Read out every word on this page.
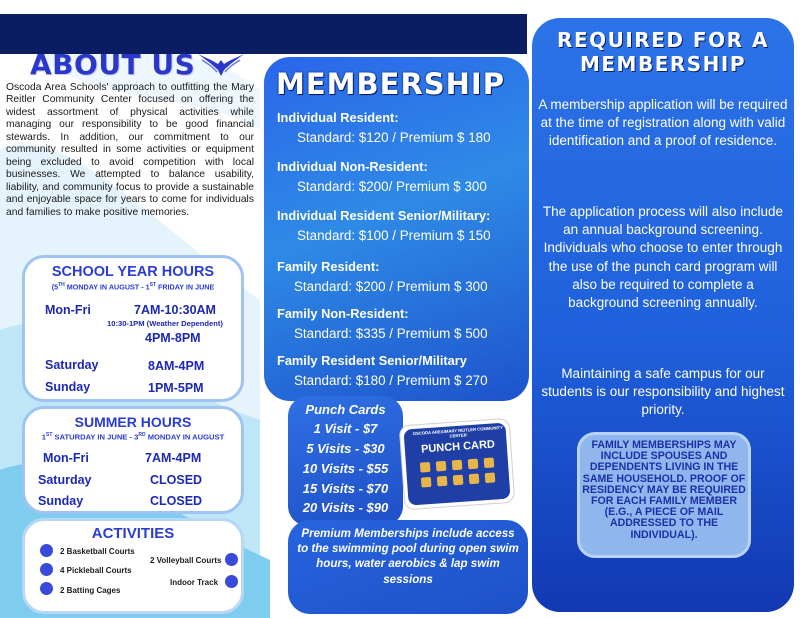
ABOUT US
Oscoda Area Schools' approach to outfitting the Mary Reitler Community Center focused on offering the widest assortment of physical activities while managing our responsibility to be good financial stewards. In addition, our commitment to our community resulted in some activities or equipment being excluded to avoid competition with local businesses. We attempted to balance usability, liability, and community focus to provide a sustainable and enjoyable space for years to come for individuals and families to make positive memories.
SCHOOL YEAR HOURS
(5TH MONDAY IN AUGUST - 1ST FRIDAY IN JUNE
Mon-Fri	7AM-10:30AM
10:30-1PM (Weather Dependent)
4PM-8PM
Saturday	8AM-4PM
Sunday	1PM-5PM
SUMMER HOURS
1ST SATURDAY IN JUNE - 3RD MONDAY IN AUGUST
Mon-Fri	7AM-4PM
Saturday	CLOSED
Sunday	CLOSED
ACTIVITIES
2 Basketball Courts
2 Volleyball Courts
4 Pickleball Courts
Indoor Track
2 Batting Cages
MEMBERSHIP
Individual Resident:
Standard: $120 / Premium $ 180
Individual Non-Resident:
Standard: $200/ Premium $ 300
Individual Resident Senior/Military:
Standard: $100 / Premium $ 150
Family Resident:
Standard: $200 / Premium $ 300
Family Non-Resident:
Standard: $335 / Premium $ 500
Family Resident Senior/Military
Standard: $180 / Premium $ 270
Punch Cards
1 Visit - $7
5 Visits - $30
10 Visits - $55
15 Visits - $70
20 Visits - $90
OSCODA AREA/MARY REITLER COMMUNITY CENTER
PUNCH CARD
Premium Memberships include access to the swimming pool during open swim hours, water aerobics & lap swim sessions
REQUIRED FOR A
MEMBERSHIP
A membership application will be required at the time of registration along with valid identification and a proof of residence.
The application process will also include an annual background screening. Individuals who choose to enter through the use of the punch card program will also be required to complete a background screening annually.
Maintaining a safe campus for our students is our responsibility and highest priority.
FAMILY MEMBERSHIPS MAY INCLUDE SPOUSES AND DEPENDENTS LIVING IN THE SAME HOUSEHOLD. PROOF OF RESIDENCY MAY BE REQUIRED FOR EACH FAMILY MEMBER (E.G., A PIECE OF MAIL ADDRESSED TO THE INDIVIDUAL).
